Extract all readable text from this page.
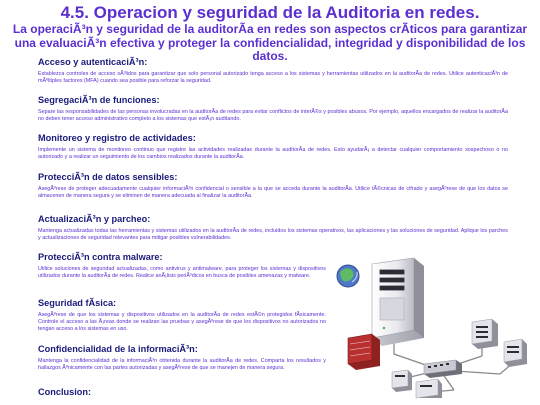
4.5. Operacion y seguridad de la Auditoria en redes.
La operaciÃ³n y seguridad de la auditorÃa en redes son aspectos crÃticos para garantizar una evaluaciÃ³n efectiva y proteger la confidencialidad, integridad y disponibilidad de los datos.
Acceso y autenticaciÃ³n:
Establezca controles de acceso sÃ³lidos para garantizar que solo personal autorizado tenga acceso a los sistemas y herramientas utilizados en la auditorÃa de redes. Utilice autenticaciÃ³n de mÃºltiples factores (MFA) cuando sea posible para reforzar la seguridad.
SegregaciÃ³n de funciones:
Separe las responsabilidades de las personas involucradas en la auditorÃa de redes para evitar conflictos de interÃ©s y posibles abusos. Por ejemplo, aquellos encargados de realizar la auditorÃa no deben tener acceso administrativo completo a los sistemas que estÃ¡n auditando.
Monitoreo y registro de actividades:
Implemente un sistema de monitoreo continuo que registre las actividades realizadas durante la auditorÃa de redes. Esto ayudarÃ¡ a detectar cualquier comportamiento sospechoso o no autorizado y a realizar un seguimiento de los cambios realizados durante la auditorÃa.
ProtecciÃ³n de datos sensibles:
AsegÃºrese de proteger adecuadamente cualquier informaciÃ³n confidencial o sensible a la que se acceda durante la auditorÃa. Utilice tÃ©cnicas de cifrado y asegÃºrese de que los datos se almacenen de manera segura y se eliminen de manera adecuada al finalizar la auditorÃa.
ActualizaciÃ³n y parcheo:
Mantenga actualizadas todas las herramientas y sistemas utilizados en la auditorÃa de redes, incluidos los sistemas operativos, las aplicaciones y las soluciones de seguridad. Aplique los parches y actualizaciones de seguridad relevantes para mitigar posibles vulnerabilidades.
ProtecciÃ³n contra malware:
Utilice soluciones de seguridad actualizadas, como antivirus y antimalware, para proteger los sistemas y dispositivos utilizados durante la auditorÃa de redes. Realice anÃ¡lisis periÃ³dicos en busca de posibles amenazas y malware.
Seguridad fÃsica:
AsegÃºrese de que los sistemas y dispositivos utilizados en la auditorÃa de redes estÃ©n protegidos fÃsicamente. Controle el acceso a las Ã¡reas donde se realizan las pruebas y asegÃºrese de que los dispositivos no autorizados no tengan acceso a los sistemas en uso.
Confidencialidad de la informaciÃ³n:
Mantenga la confidencialidad de la informaciÃ³n obtenida durante la auditorÃa de redes. Comparta los resultados y hallazgos Ãºnicamente con las partes autorizadas y asegÃºrese de que se manejen de manera segura.
Conclusion:
